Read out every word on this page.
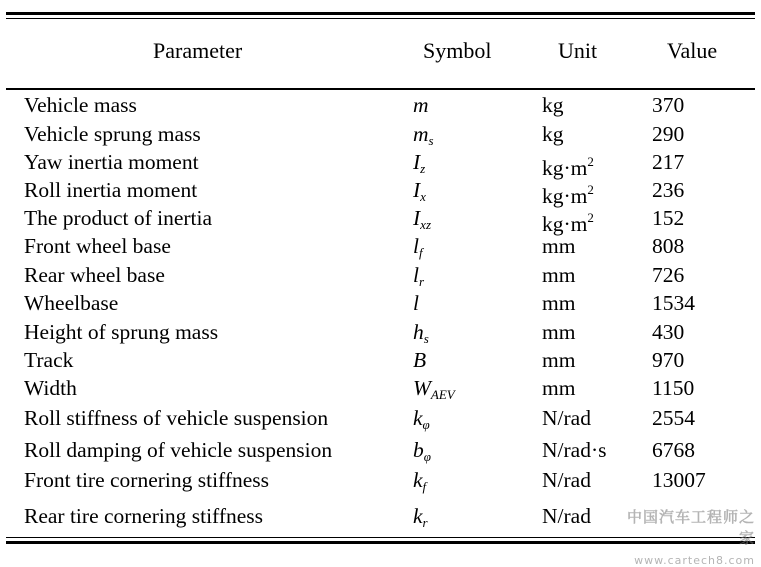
Parameter	Symbol	Unit	Value
Vehicle mass	m	kg	370
Vehicle sprung mass	$m_s$	kg	290
Yaw inertia moment	$I_z$	$kg\cdot m^2$	217
Roll inertia moment	$I_x$	$kg\cdot m^2$	236
The product of inertia	$I_{xz}$	$kg\cdot m^2$	152
Front wheel base	$l_f$	mm	808
Rear wheel base	$l_r$	mm	726
Wheelbase	l	mm	1534
Height of sprung mass	$h_s$	mm	430
Track	B	mm	970
Width	$W_{AEV}$	mm	1150
Roll stiffness of vehicle suspension	$k_\varphi$	N/rad	2554
Roll damping of vehicle suspension	$b_\varphi$	N/rad·s 6768
Front tire cornering stiffness	$k_f$	N/rad	13007
Rear tire cornering stiffness	$k_r$	N/rad	中国汽车工程师之家
www.cartech8.com
